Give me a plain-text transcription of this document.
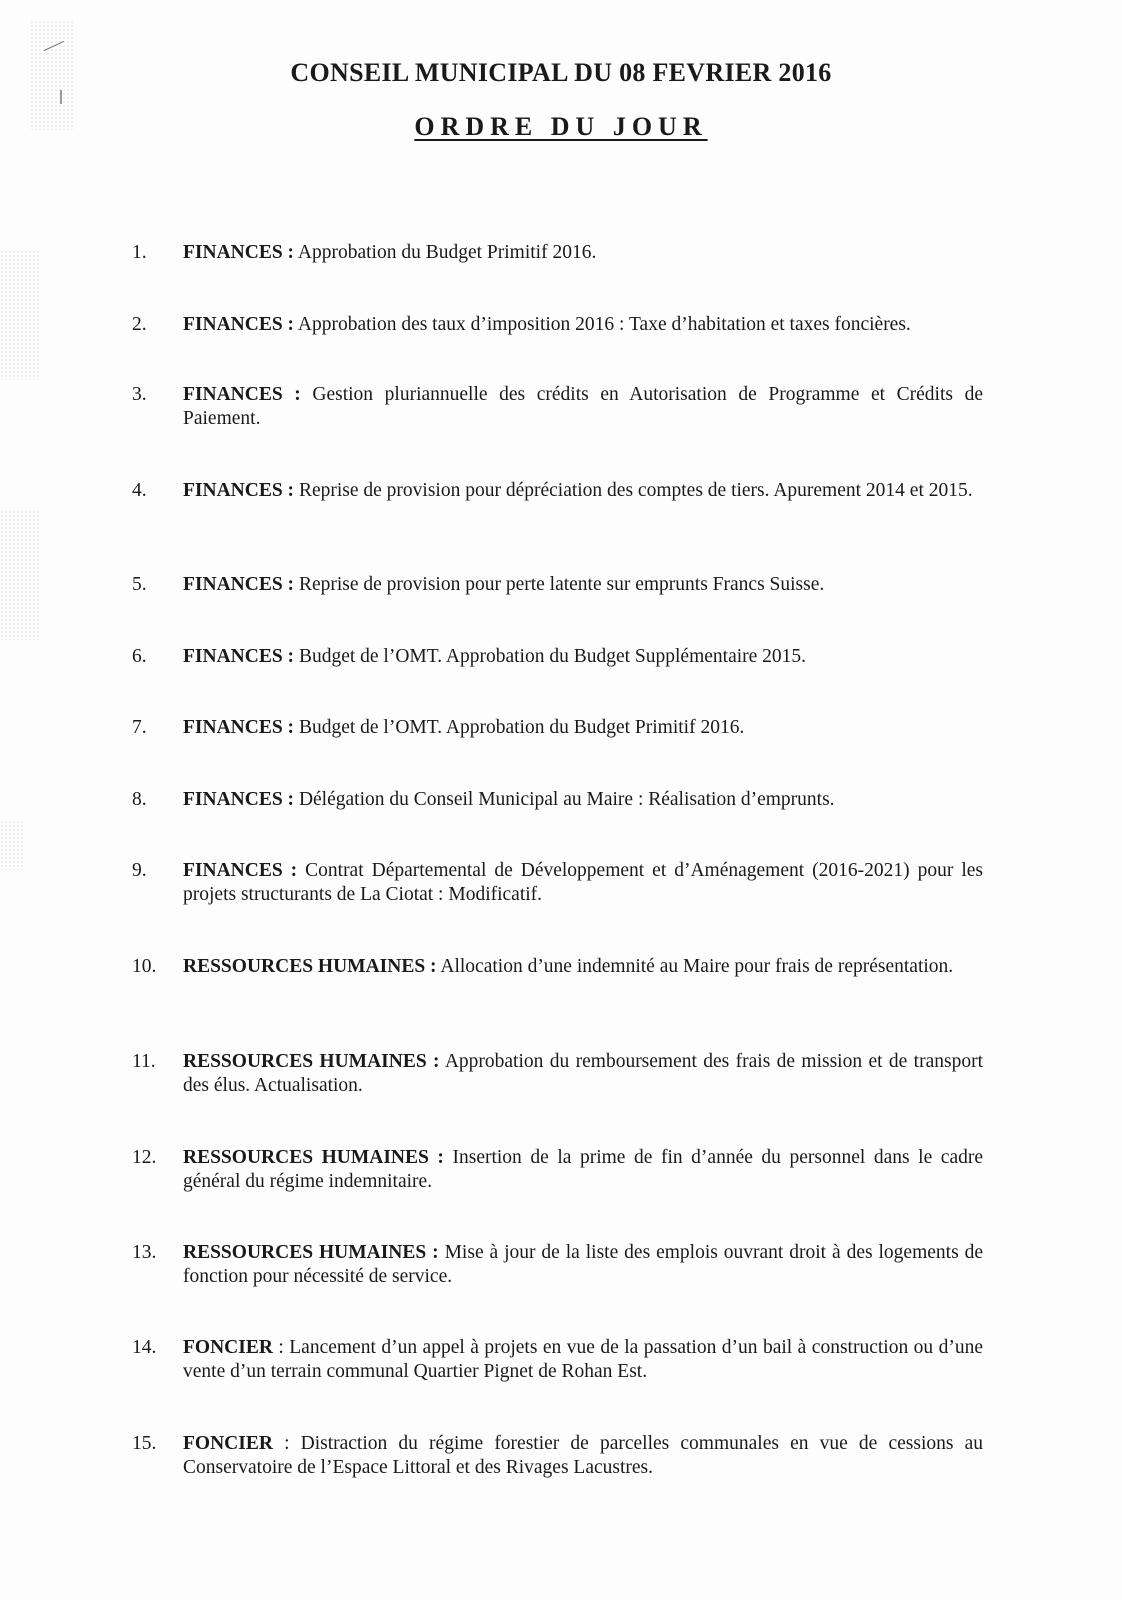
CONSEIL MUNICIPAL DU 08 FEVRIER 2016
ORDRE DU JOUR
1.	FINANCES : Approbation du Budget Primitif 2016.
2.	FINANCES : Approbation des taux d’imposition 2016 : Taxe d’habitation et taxes foncières.
3.	FINANCES : Gestion pluriannuelle des crédits en Autorisation de Programme et Crédits de Paiement.
4.	FINANCES : Reprise de provision pour dépréciation des comptes de tiers. Apurement 2014 et 2015.
5.	FINANCES : Reprise de provision pour perte latente sur emprunts Francs Suisse.
6.	FINANCES : Budget de l’OMT. Approbation du Budget Supplémentaire 2015.
7.	FINANCES : Budget de l’OMT. Approbation du Budget Primitif 2016.
8.	FINANCES : Délégation du Conseil Municipal au Maire : Réalisation d’emprunts.
9.	FINANCES : Contrat Départemental de Développement et d’Aménagement (2016-2021) pour les projets structurants de La Ciotat : Modificatif.
10.	RESSOURCES HUMAINES : Allocation d’une indemnité au Maire pour frais de représentation.
11.	RESSOURCES HUMAINES : Approbation du remboursement des frais de mission et de transport des élus. Actualisation.
12.	RESSOURCES HUMAINES : Insertion de la prime de fin d’année du personnel dans le cadre général du régime indemnitaire.
13.	RESSOURCES HUMAINES : Mise à jour de la liste des emplois ouvrant droit à des logements de fonction pour nécessité de service.
14.	FONCIER : Lancement d’un appel à projets en vue de la passation d’un bail à construction ou d’une vente d’un terrain communal Quartier Pignet de Rohan Est.
15.	FONCIER : Distraction du régime forestier de parcelles communales en vue de cessions au Conservatoire de l’Espace Littoral et des Rivages Lacustres.
